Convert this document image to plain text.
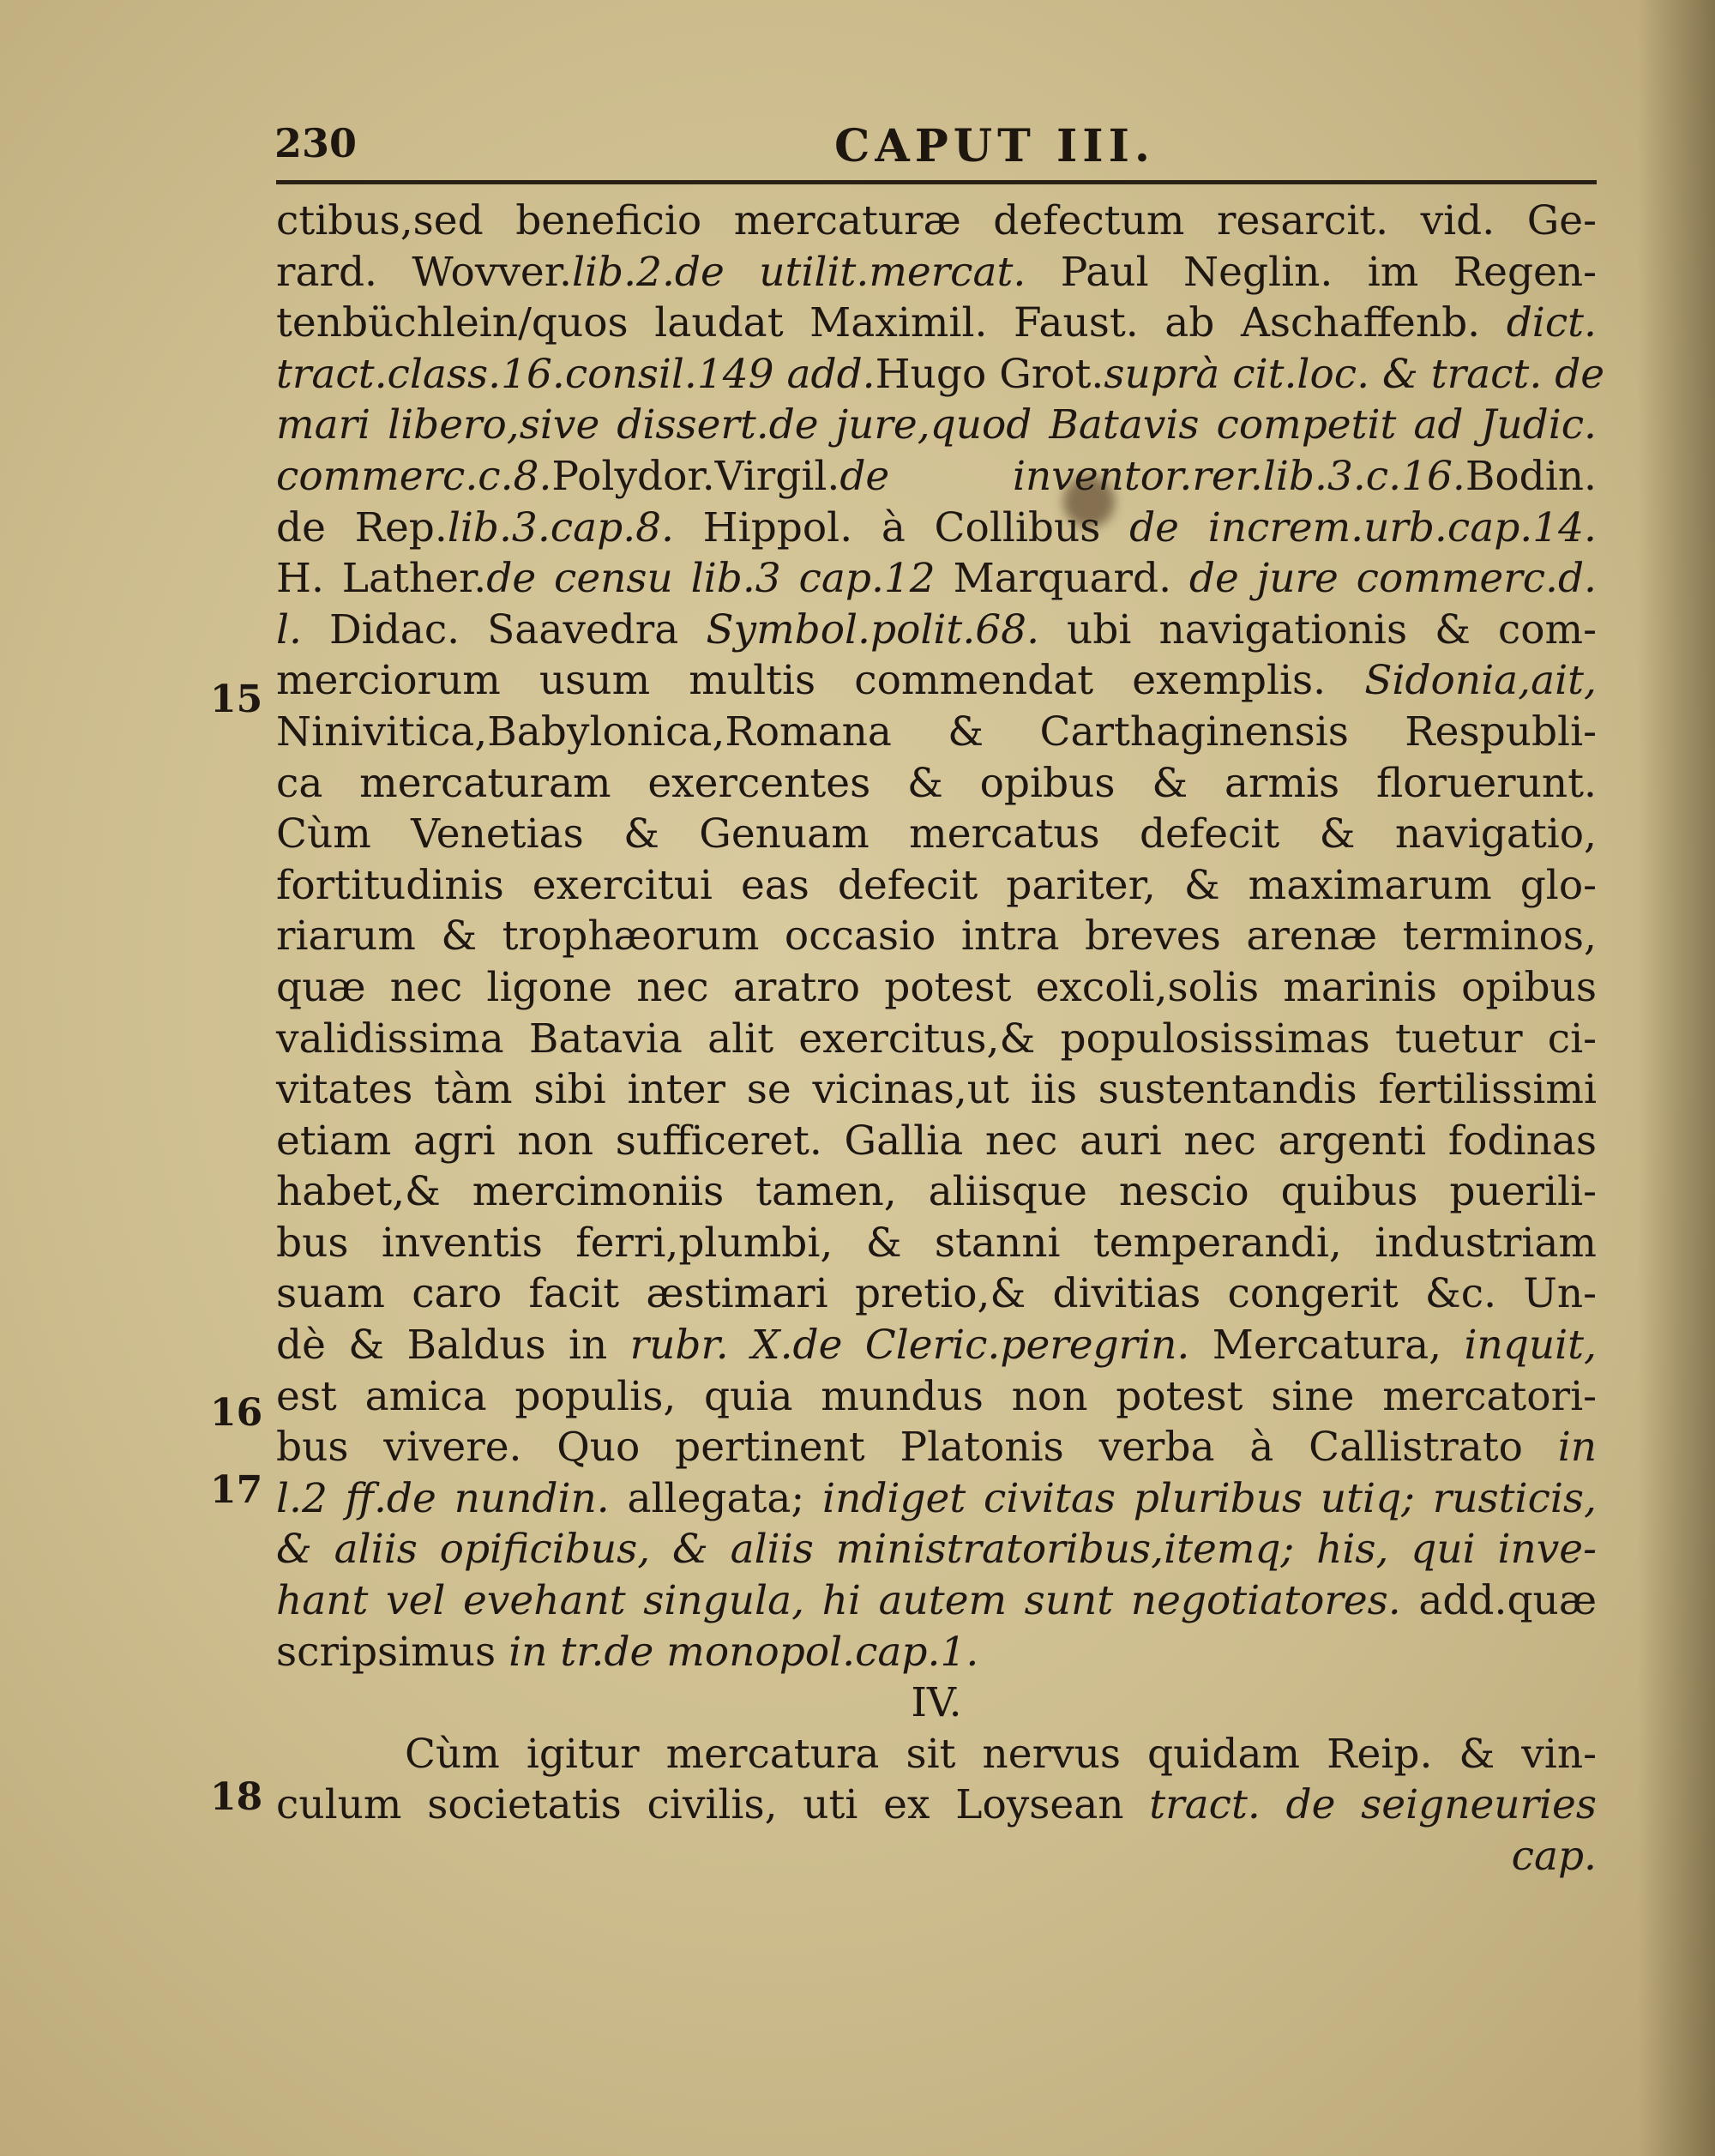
230	CAPUT III.
15
16
17
18
ctibus,sed beneficio mercaturæ defectum resarcit. vid. Ge-
rard. Wovver.lib.2.de utilit.mercat. Paul Neglin. im Regen-
tenbüchlein/quos laudat Maximil. Faust. ab Aschaffenb. dict.
tract.class.16.consil.149 add.Hugo Grot.suprà cit.loc. & tract. de
mari libero,sive dissert.de jure,quod Batavis competit ad Judic.
commerc.c.8.Polydor.Virgil.de inventor.rer.lib.3.c.16.Bodin.
de Rep.lib.3.cap.8. Hippol. à Collibus de increm.urb.cap.14.
H. Lather.de censu lib.3 cap.12 Marquard. de jure commerc.d.
l. Didac. Saavedra Symbol.polit.68. ubi navigationis & com-
merciorum usum multis commendat exemplis. Sidonia,ait,
Ninivitica,Babylonica,Romana & Carthaginensis Respubli-
ca mercaturam exercentes & opibus & armis floruerunt.
Cùm Venetias & Genuam mercatus defecit & navigatio,
fortitudinis exercitui eas defecit pariter, & maximarum glo-
riarum & trophæorum occasio intra breves arenæ terminos,
quæ nec ligone nec aratro potest excoli,solis marinis opibus
validissima Batavia alit exercitus,& populosissimas tuetur ci-
vitates tàm sibi inter se vicinas,ut iis sustentandis fertilissimi
etiam agri non sufficeret. Gallia nec auri nec argenti fodinas
habet,& mercimoniis tamen, aliisque nescio quibus puerili-
bus inventis ferri,plumbi, & stanni temperandi, industriam
suam caro facit æstimari pretio,& divitias congerit &c. Un-
dè & Baldus in rubr. X.de Cleric.peregrin. Mercatura, inquit,
est amica populis, quia mundus non potest sine mercatori-
bus vivere. Quo pertinent Platonis verba à Callistrato in
l.2 ff.de nundin. allegata; indiget civitas pluribus utiq; rusticis,
& aliis opificibus, & aliis ministratoribus,itemq; his, qui inve-
hant vel evehant singula, hi autem sunt negotiatores. add.quæ
scripsimus in tr.de monopol.cap.1.
IV.
Cùm igitur mercatura sit nervus quidam Reip. & vin-
culum societatis civilis, uti ex Loysean tract. de seigneuries
cap.
